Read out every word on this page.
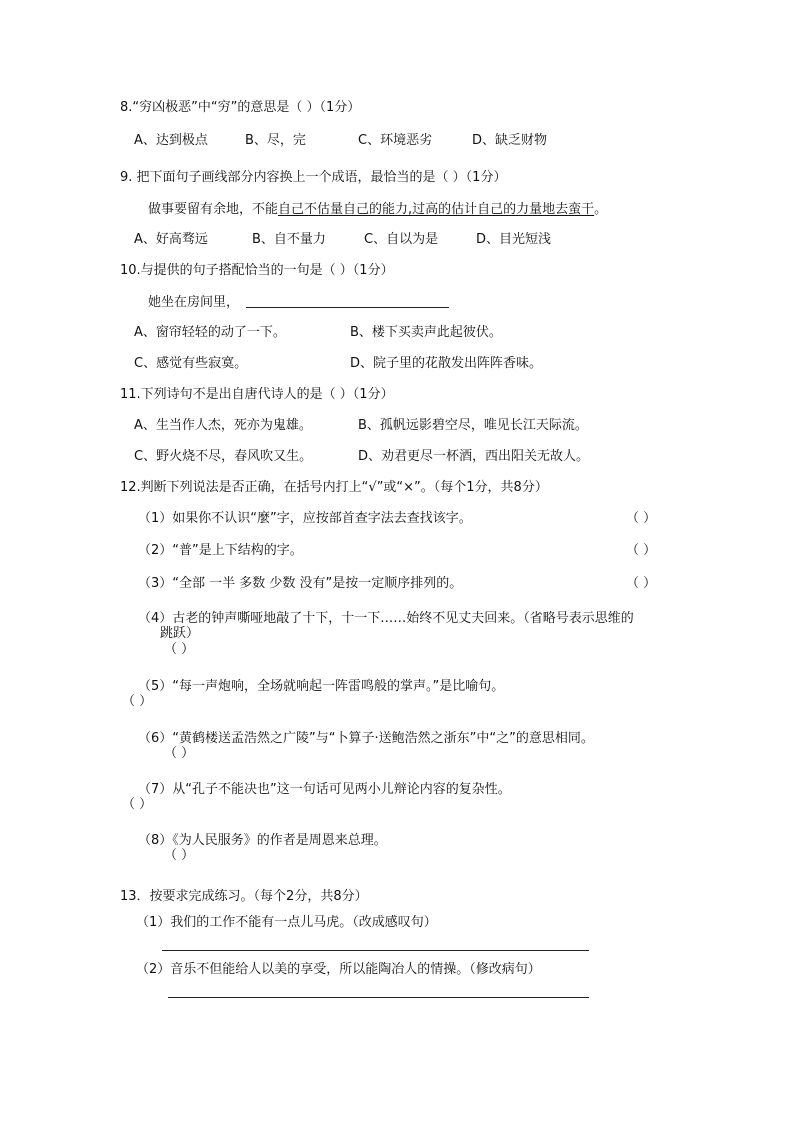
8.“穷凶极恶”中“穷”的意思是（ ）（1分）
A、达到极点	B、尽，完	C、环境恶劣	D、缺乏财物
9. 把下面句子画线部分内容换上一个成语，最恰当的是（ ）（1分）
做事要留有余地，不能自己不估量自己的能力,过高的估计自己的力量地去蛮干。
A、好高骛远	B、自不量力	C、自以为是	D、目光短浅
10.与提供的句子搭配恰当的一句是（ ）（1分）
她坐在房间里，
A、窗帘轻轻的动了一下。	B、楼下买卖声此起彼伏。
C、感觉有些寂寞。	D、院子里的花散发出阵阵香味。
11.下列诗句不是出自唐代诗人的是（ ）（1分）
A、生当作人杰，死亦为鬼雄。	B、孤帆远影碧空尽，唯见长江天际流。
C、野火烧不尽，春风吹又生。	D、劝君更尽一杯酒，西出阳关无故人。
12.判断下列说法是否正确，在括号内打上“√”或“×”。（每个1分，共8分）
（1）如果你不认识“麼”字，应按部首查字法去查找该字。	（ ）
（2）“普”是上下结构的字。	（ ）
（3）“全部 一半 多数 少数 没有”是按一定顺序排列的。	（ ）
（4）古老的钟声嘶哑地敲了十下，十一下……始终不见丈夫回来。（省略号表示思维的
跳跃）
（ ）
（5）“每一声炮响，全场就响起一阵雷鸣般的掌声。”是比喻句。
（ ）
（6）“黄鹤楼送孟浩然之广陵”与“卜算子·送鲍浩然之浙东”中“之”的意思相同。
（ ）
（7）从“孔子不能决也”这一句话可见两小儿辩论内容的复杂性。
（ ）
（8）《为人民服务》的作者是周恩来总理。
（ ）
13．按要求完成练习。（每个2分，共8分）
（1）我们的工作不能有一点儿马虎。（改成感叹句）
（2）音乐不但能给人以美的享受，所以能陶冶人的情操。（修改病句）
